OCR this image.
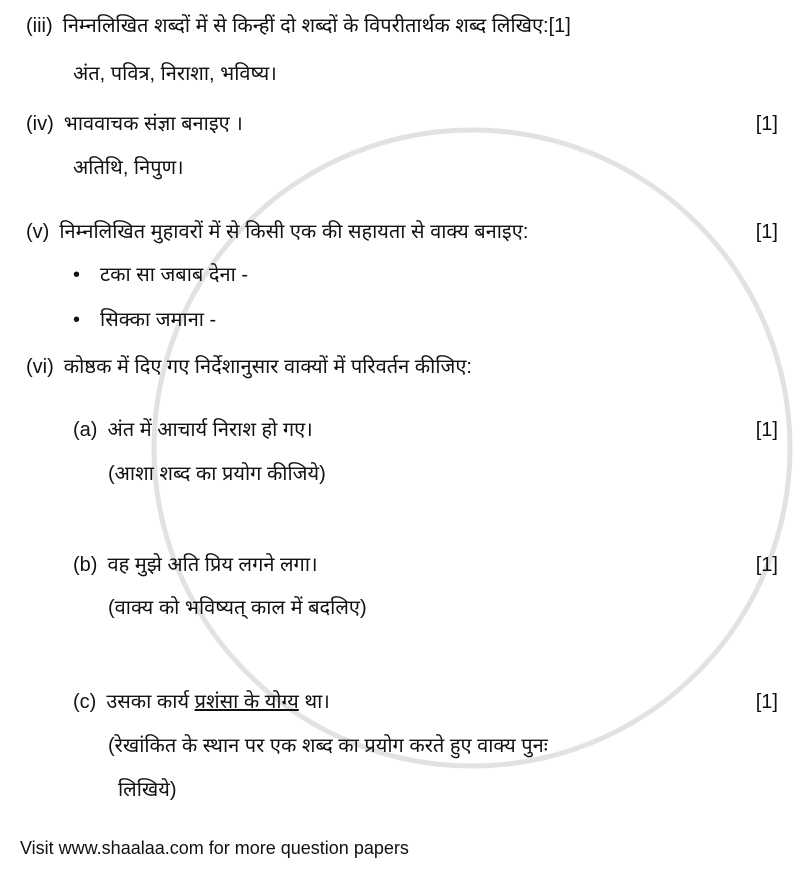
(iii) निम्नलिखित शब्दों में से किन्हीं दो शब्दों के विपरीतार्थक शब्द लिखिए:[1]
अंत, पवित्र, निराशा, भविष्य।
(iv) भाववाचक संज्ञा बनाइए ।	[1]
अतिथि, निपुण।
(v) निम्नलिखित मुहावरों में से किसी एक की सहायता से वाक्य बनाइए:	[1]
• टका सा जबाब देना -
• सिक्का जमाना -
(vi) कोष्ठक में दिए गए निर्देशानुसार वाक्यों में परिवर्तन कीजिए:
(a) अंत में आचार्य निराश हो गए।	[1]
(आशा शब्द का प्रयोग कीजिये)
(b) वह मुझे अति प्रिय लगने लगा।	[1]
(वाक्य को भविष्यत् काल में बदलिए)
(c) उसका कार्य प्रशंसा के योग्य था।	[1]
(रेखांकित के स्थान पर एक शब्द का प्रयोग करते हुए वाक्य पुनः
लिखिये)
Visit www.shaalaa.com for more question papers
